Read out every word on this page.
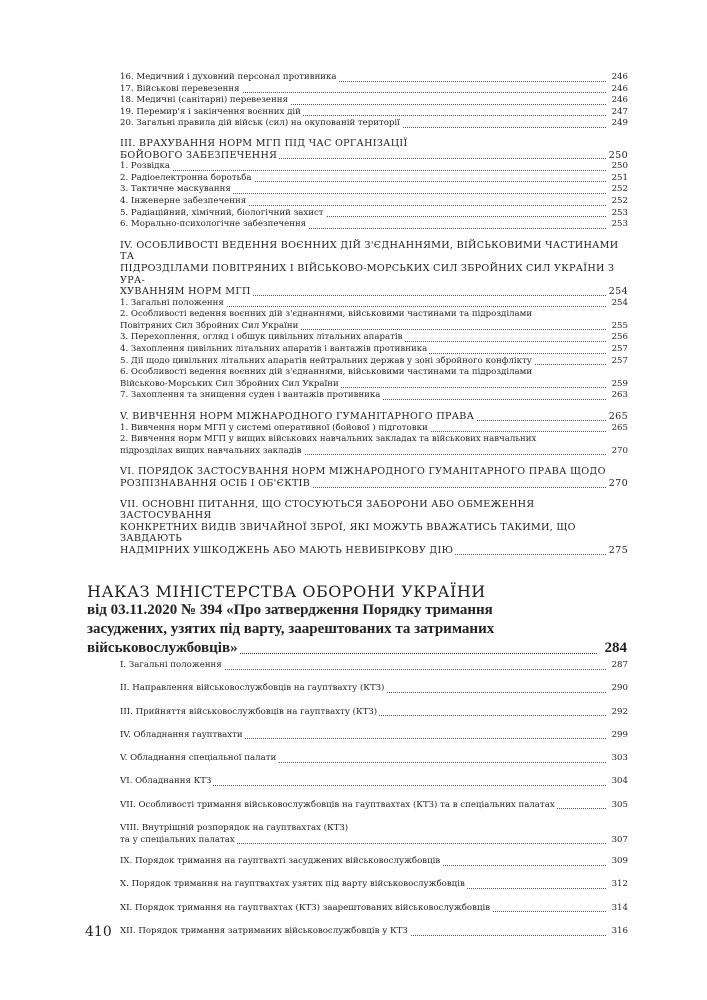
16. Медичний і духовний персонал противника	246
17. Військові перевезення	246
18. Медичні (санітарні) перевезення	246
19. Перемир'я і закінчення воєнних дій	247
20. Загальні правила дій військ (сил) на окупованій території	249
III. ВРАХУВАННЯ НОРМ МГП ПІД ЧАС ОРГАНІЗАЦІЇ
БОЙОВОГО ЗАБЕЗПЕЧЕННЯ	250
1. Розвідка	250
2. Радіоелектронна боротьба	251
3. Тактичне маскування	252
4. Інженерне забезпечення	252
5. Радіаційний, хімічний, біологічний захист	253
6. Морально-психологічне забезпечення	253
IV. ОСОБЛИВОСТІ ВЕДЕННЯ ВОЄННИХ ДІЙ З'ЄДНАННЯМИ, ВІЙСЬКОВИМИ ЧАСТИНАМИ ТА
ПІДРОЗДІЛАМИ ПОВІТРЯНИХ І ВІЙСЬКОВО-МОРСЬКИХ СИЛ ЗБРОЙНИХ СИЛ УКРАЇНИ З УРА-
ХУВАННЯМ НОРМ МГП	254
1. Загальні положення	254
2. Особливості ведення воєнних дій з'єднаннями, військовими частинами та підрозділами
Повітряних Сил Збройних Сил України	255
3. Перехоплення, огляд і обшук цивільних літальних апаратів	256
4. Захоплення цивільних літальних апаратів і вантажів противника	257
5. Дії щодо цивільних літальних апаратів нейтральних держав у зоні збройного конфлікту	257
6. Особливості ведення воєнних дій з'єднаннями, військовими частинами та підрозділами
Військово-Морських Сил Збройних Сил України	259
7. Захоплення та знищення суден і вантажів противника	263
V. ВИВЧЕННЯ НОРМ МІЖНАРОДНОГО ГУМАНІТАРНОГО ПРАВА	265
1. Вивчення норм МГП у системі оперативної (бойової ) підготовки	265
2. Вивчення норм МГП у вищих військових навчальних закладах та військових навчальних
підрозділах вищих навчальних закладів	270
VI. ПОРЯДОК ЗАСТОСУВАННЯ НОРМ МІЖНАРОДНОГО ГУМАНІТАРНОГО ПРАВА ЩОДО
РОЗПІЗНАВАННЯ ОСІБ І ОБ'ЄКТІВ	270
VII. ОСНОВНІ ПИТАННЯ, ЩО СТОСУЮТЬСЯ ЗАБОРОНИ АБО ОБМЕЖЕННЯ ЗАСТОСУВАННЯ
КОНКРЕТНИХ ВИДІВ ЗВИЧАЙНОЇ ЗБРОЇ, ЯКІ МОЖУТЬ ВВАЖАТИСЬ ТАКИМИ, ЩО ЗАВДАЮТЬ
НАДМІРНИХ УШКОДЖЕНЬ АБО МАЮТЬ НЕВИБІРКОВУ ДІЮ	275
НАКАЗ МІНІСТЕРСТВА ОБОРОНИ УКРАЇНИ
від 03.11.2020 № 394 «Про затвердження Порядку тримання
засуджених, узятих під варту, заарештованих та затриманих
військовослужбовців»	284
I. Загальні положення	287
II. Направлення військовослужбовців на гауптвахту (КТЗ)	290
III. Прийняття військовослужбовців на гауптвахту (КТЗ)	292
IV. Обладнання гауптвахти	299
V. Обладнання спеціальної палати	303
VI. Обладнання КТЗ	304
VII. Особливості тримання військовослужбовців на гауптвахтах (КТЗ) та в спеціальних палатах	305
VIII. Внутрішній розпорядок на гауптвахтах (КТЗ)
та у спеціальних палатах	307
IX. Порядок тримання на гауптвахті засуджених військовослужбовців	309
X. Порядок тримання на гауптвахтах узятих під варту військовослужбовців	312
XI. Порядок тримання на гауптвахтах (КТЗ) заарештованих військовослужбовців	314
XII. Порядок тримання затриманих військовослужбовців у КТЗ	316
410
